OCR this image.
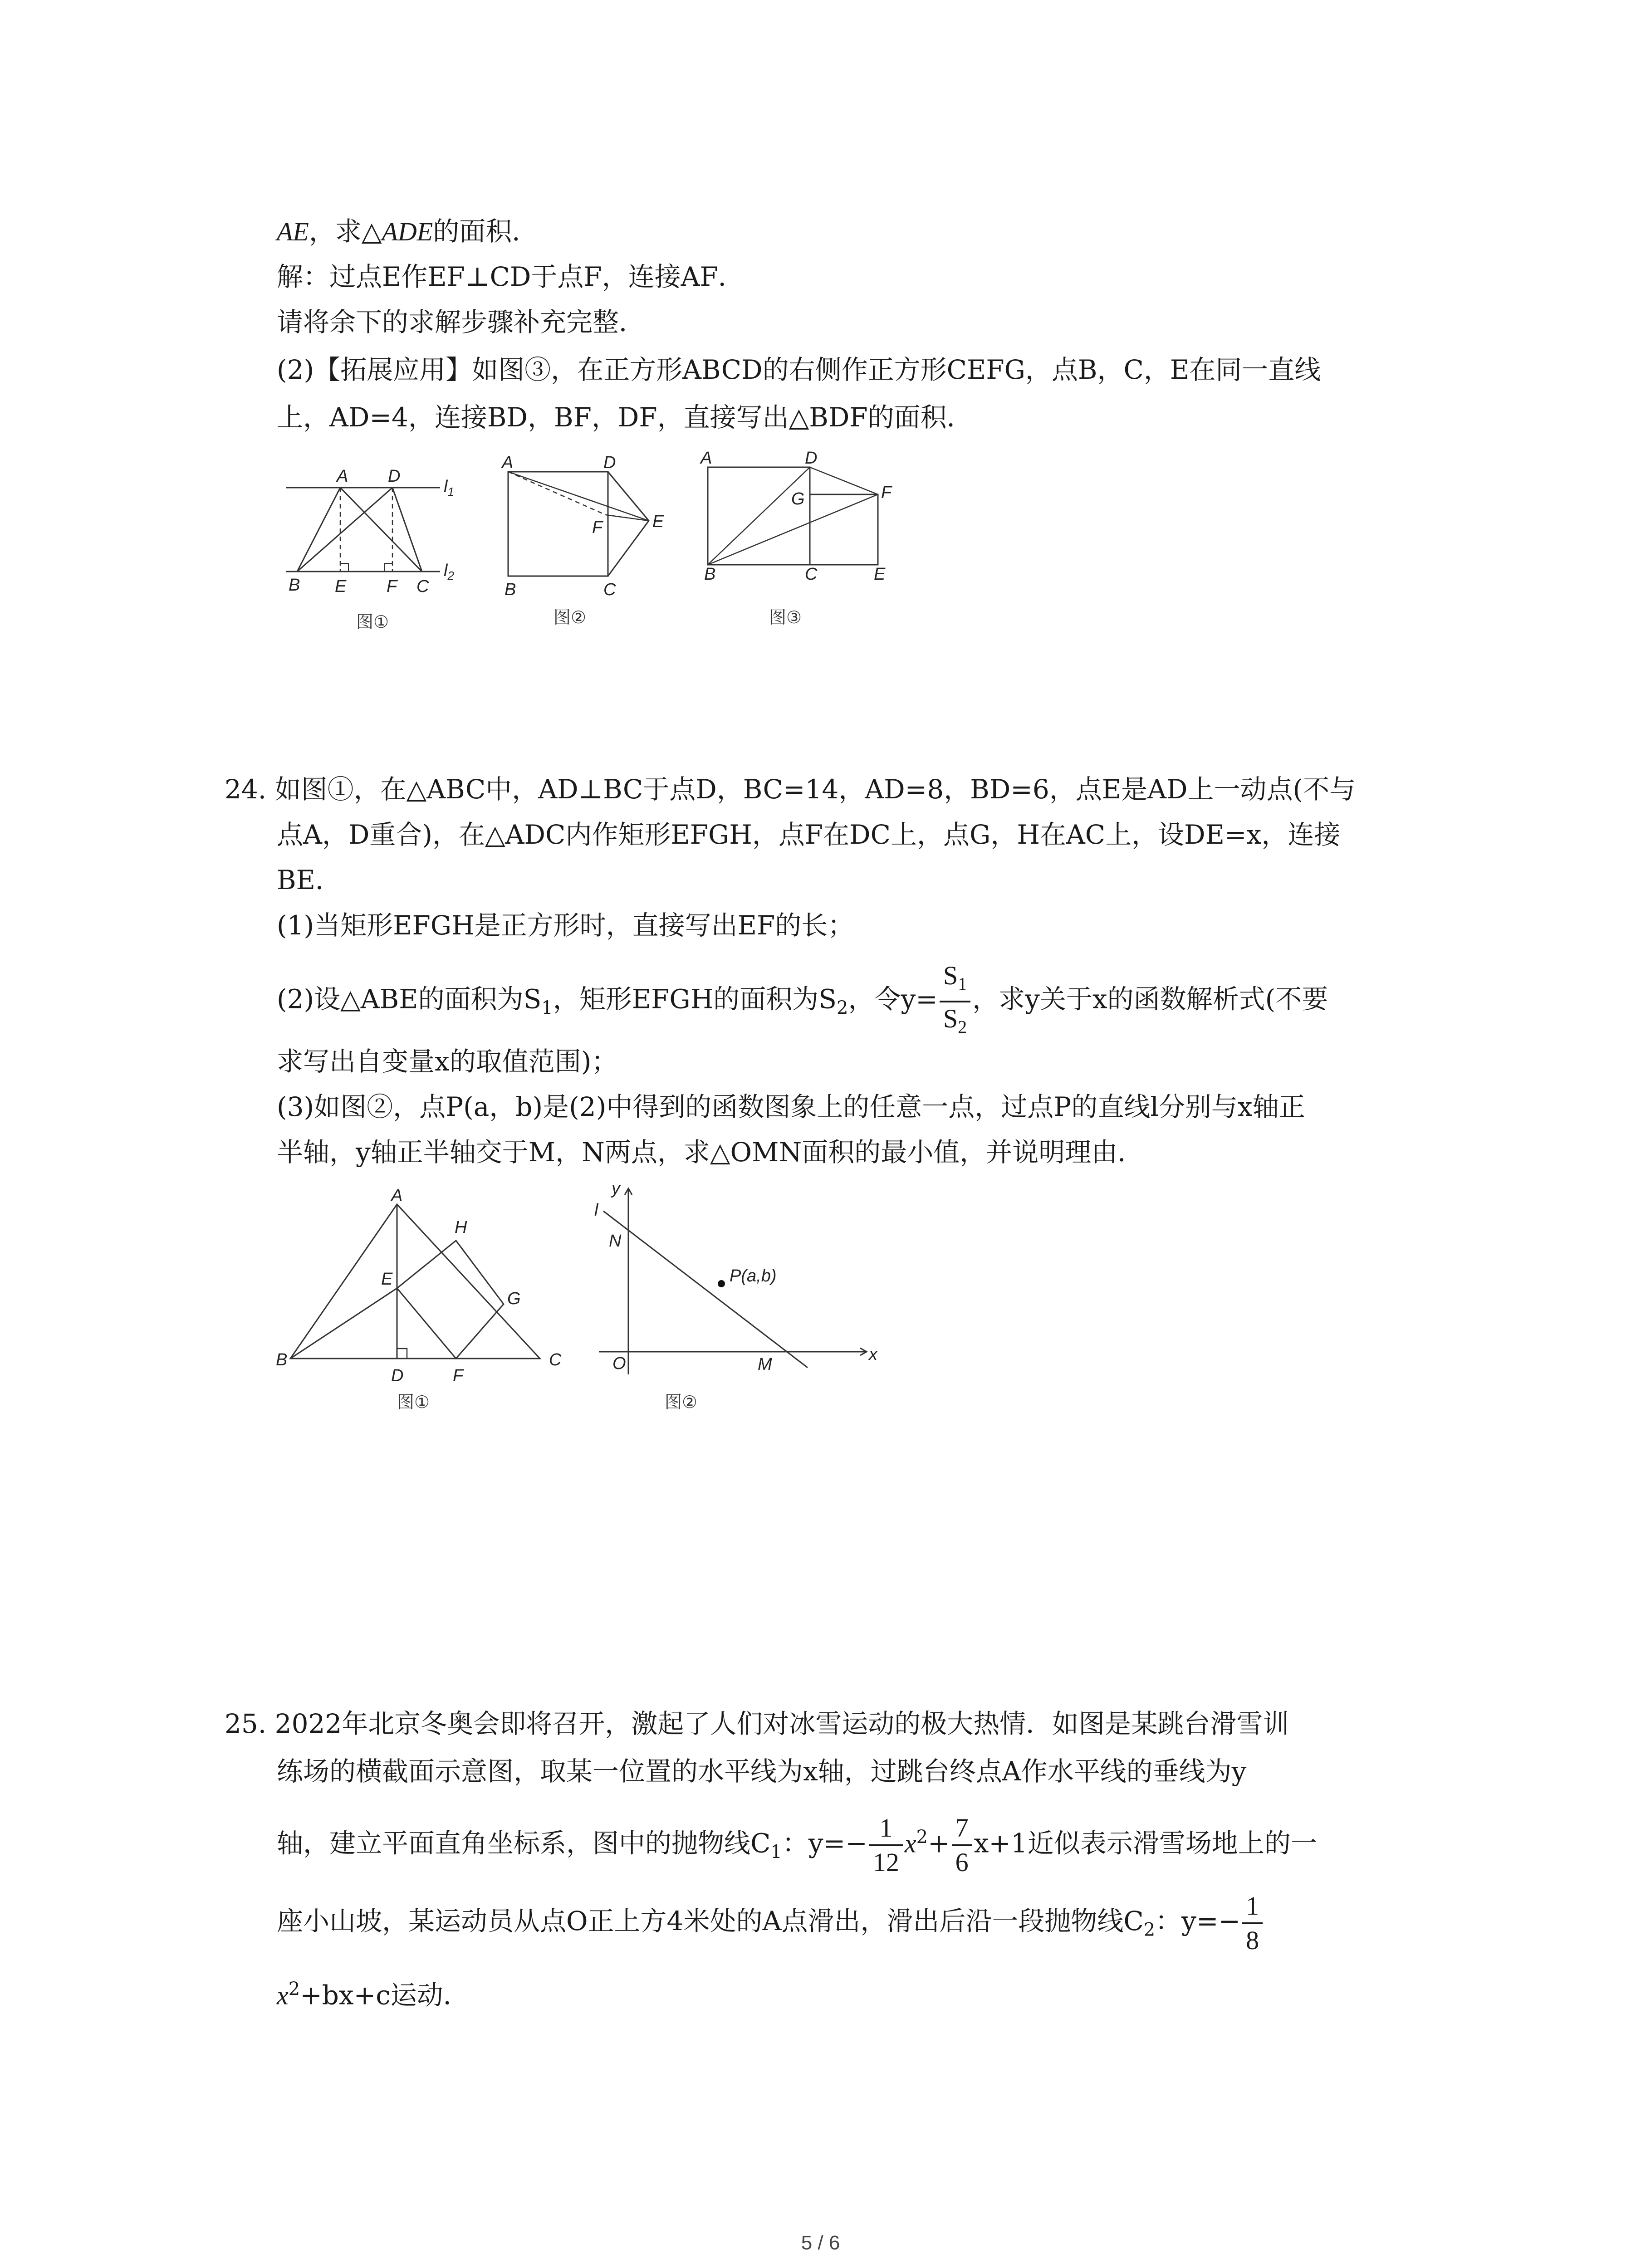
AE，求△ADE的面积．
解：过点E作EF⊥CD于点F，连接AF．
请将余下的求解步骤补充完整．
(2)【拓展应用】如图③，在正方形ABCD的右侧作正方形CEFG，点B，C，E在同一直线
上，AD=4，连接BD，BF，DF，直接写出△BDF的面积．
A D
$l_1$
$l_2$
B E F C
图①
A	D
F	E
B	C
图②
A	D
G	F
B	C	E
图③
24. 如图①，在△ABC中，AD⊥BC于点D，BC=14，AD=8，BD=6，点E是AD上一动点(不与
点A，D重合)，在△ADC内作矩形EFGH，点F在DC上，点G，H在AC上，设DE=x，连接
BE．
(1)当矩形EFGH是正方形时，直接写出EF的长；
(2)设△ABE的面积为$S_1$，矩形EFGH的面积为$S_2$，令$y= \frac{S_1}{S_2}$ ，求y关于x的函数解析式(不要
求写出自变量x的取值范围)；
(3)如图②，点P(a，b)是(2)中得到的函数图象上的任意一点，过点P的直线l分别与x轴正
半轴，y轴正半轴交于M，N两点，求△OMN面积的最小值，并说明理由．
A
H
E
G
B
D	F
C
图①
y
l
N
P(a,b)
O	M
x
图②
25. 2022年北京冬奥会即将召开，激起了人们对冰雪运动的极大热情．如图是某跳台滑雪训
练场的横截面示意图，取某一位置的水平线为x轴，过跳台终点A作水平线的垂线为y
轴，建立平面直角坐标系，图中的抛物线$C_1$：$y=- \frac{1}{12} x^2+ \frac{7}{6} x+1$近似表示滑雪场地上的一
座小山坡，某运动员从点O正上方4米处的A点滑出，滑出后沿一段抛物线$C_2$：$y=- \frac{1}{8}$
$x^2+bx+c$运动．
5 / 6
